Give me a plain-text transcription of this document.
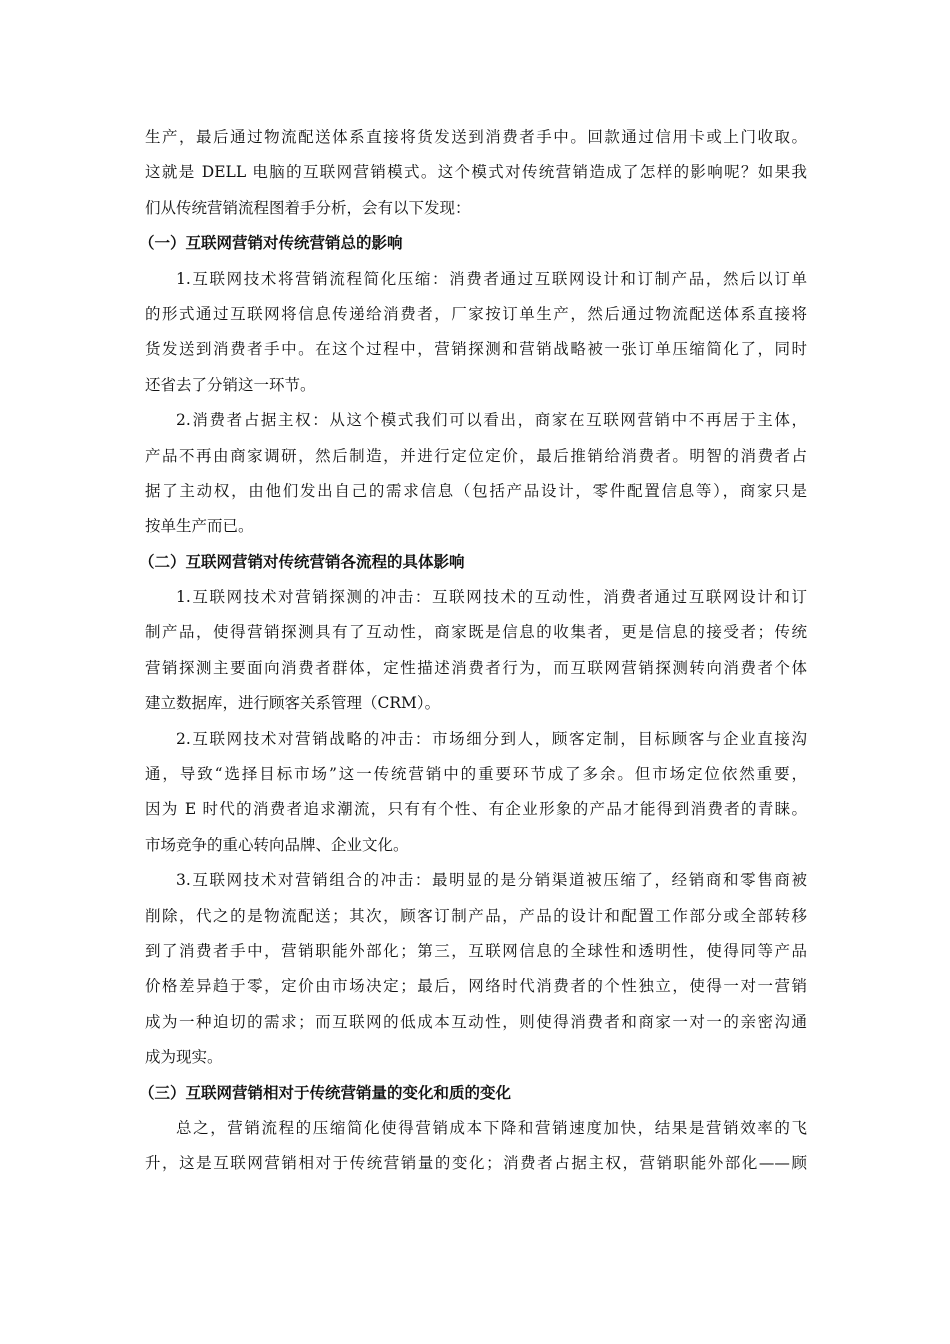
生产，最后通过物流配送体系直接将货发送到消费者手中。回款通过信用卡或上门收取。
这就是 DELL 电脑的互联网营销模式。这个模式对传统营销造成了怎样的影响呢？如果我
们从传统营销流程图着手分析，会有以下发现：
（一）互联网营销对传统营销总的影响
1.互联网技术将营销流程简化压缩：消费者通过互联网设计和订制产品，然后以订单
的形式通过互联网将信息传递给消费者，厂家按订单生产，然后通过物流配送体系直接将
货发送到消费者手中。在这个过程中，营销探测和营销战略被一张订单压缩简化了，同时
还省去了分销这一环节。
2.消费者占据主权：从这个模式我们可以看出，商家在互联网营销中不再居于主体，
产品不再由商家调研，然后制造，并进行定位定价，最后推销给消费者。明智的消费者占
据了主动权，由他们发出自己的需求信息（包括产品设计，零件配置信息等），商家只是
按单生产而已。
（二）互联网营销对传统营销各流程的具体影响
1.互联网技术对营销探测的冲击：互联网技术的互动性，消费者通过互联网设计和订
制产品，使得营销探测具有了互动性，商家既是信息的收集者，更是信息的接受者；传统
营销探测主要面向消费者群体，定性描述消费者行为，而互联网营销探测转向消费者个体
建立数据库，进行顾客关系管理（CRM）。
2.互联网技术对营销战略的冲击：市场细分到人，顾客定制，目标顾客与企业直接沟
通，导致“选择目标市场”这一传统营销中的重要环节成了多余。但市场定位依然重要，
因为 E 时代的消费者追求潮流，只有有个性、有企业形象的产品才能得到消费者的青睐。
市场竞争的重心转向品牌、企业文化。
3.互联网技术对营销组合的冲击：最明显的是分销渠道被压缩了，经销商和零售商被
削除，代之的是物流配送；其次，顾客订制产品，产品的设计和配置工作部分或全部转移
到了消费者手中，营销职能外部化；第三，互联网信息的全球性和透明性，使得同等产品
价格差异趋于零，定价由市场决定；最后，网络时代消费者的个性独立，使得一对一营销
成为一种迫切的需求；而互联网的低成本互动性，则使得消费者和商家一对一的亲密沟通
成为现实。
（三）互联网营销相对于传统营销量的变化和质的变化
总之，营销流程的压缩简化使得营销成本下降和营销速度加快，结果是营销效率的飞
升，这是互联网营销相对于传统营销量的变化；消费者占据主权，营销职能外部化——顾
